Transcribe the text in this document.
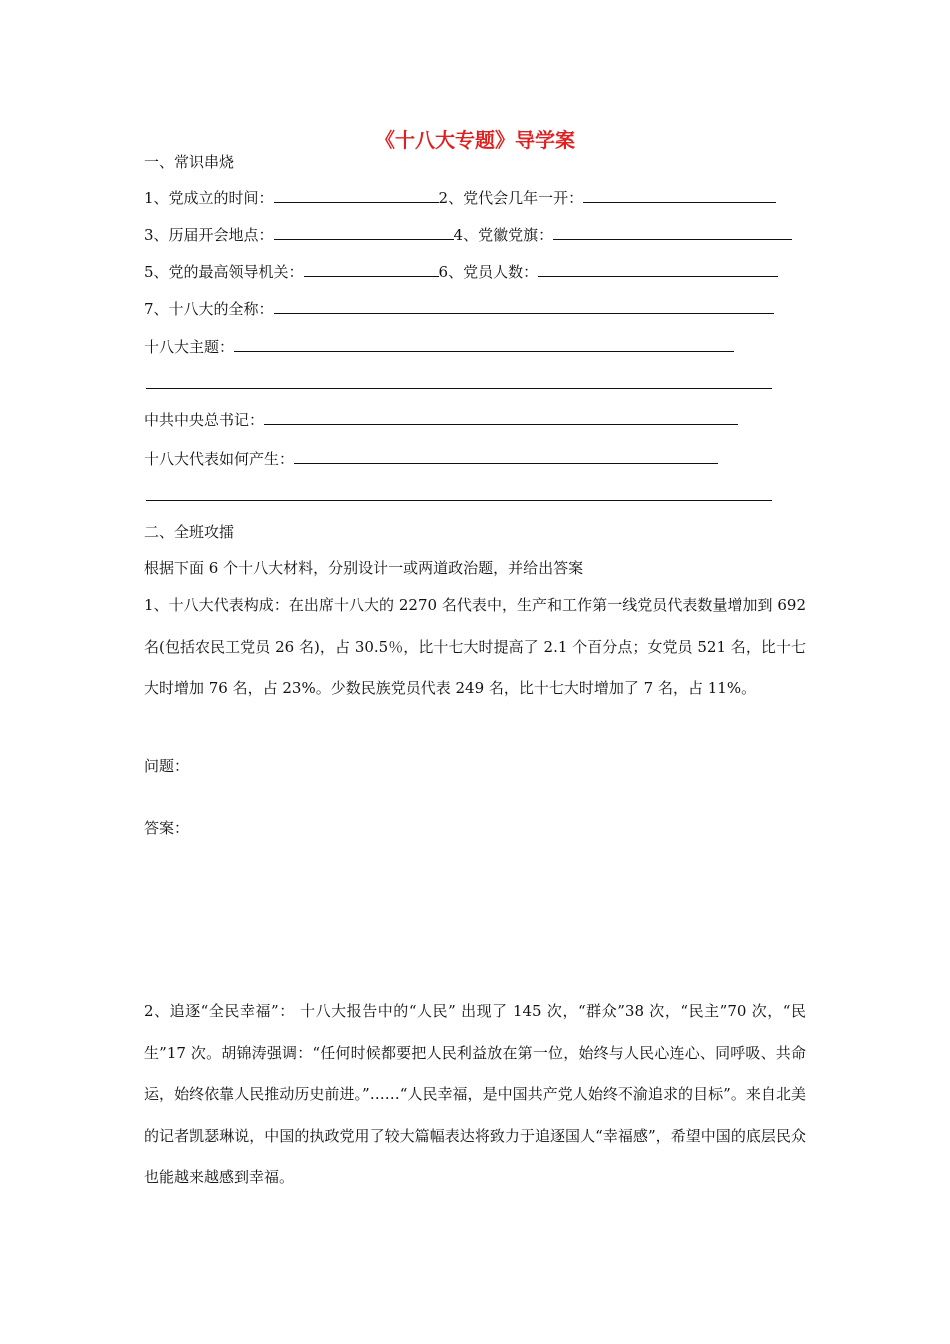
《十八大专题》导学案
一、常识串烧
1、党成立的时间：	2、党代会几年一开：
3、历届开会地点：	4、党徽党旗：
5、党的最高领导机关：	6、党员人数：
7、十八大的全称：
十八大主题：
中共中央总书记：
十八大代表如何产生：
二、全班攻擂
根据下面 6 个十八大材料，分别设计一或两道政治题，并给出答案
1、十八大代表构成：在出席十八大的 2270 名代表中，生产和工作第一线党员代表数量增加到 692 名(包括农民工党员 26 名)，占 30.5％，比十七大时提高了 2.1 个百分点；女党员 521 名，比十七大时增加 76 名，占 23%。少数民族党员代表 249 名，比十七大时增加了 7 名，占 11%。
问题：
答案：
2、追逐“全民幸福”： 十八大报告中的“人民” 出现了 145 次，“群众”38 次，“民主”70 次，“民生”17 次。胡锦涛强调：“任何时候都要把人民利益放在第一位，始终与人民心连心、同呼吸、共命运，始终依靠人民推动历史前进。”……“人民幸福，是中国共产党人始终不渝追求的目标”。来自北美的记者凯瑟琳说，中国的执政党用了较大篇幅表达将致力于追逐国人“幸福感”，希望中国的底层民众也能越来越感到幸福。
